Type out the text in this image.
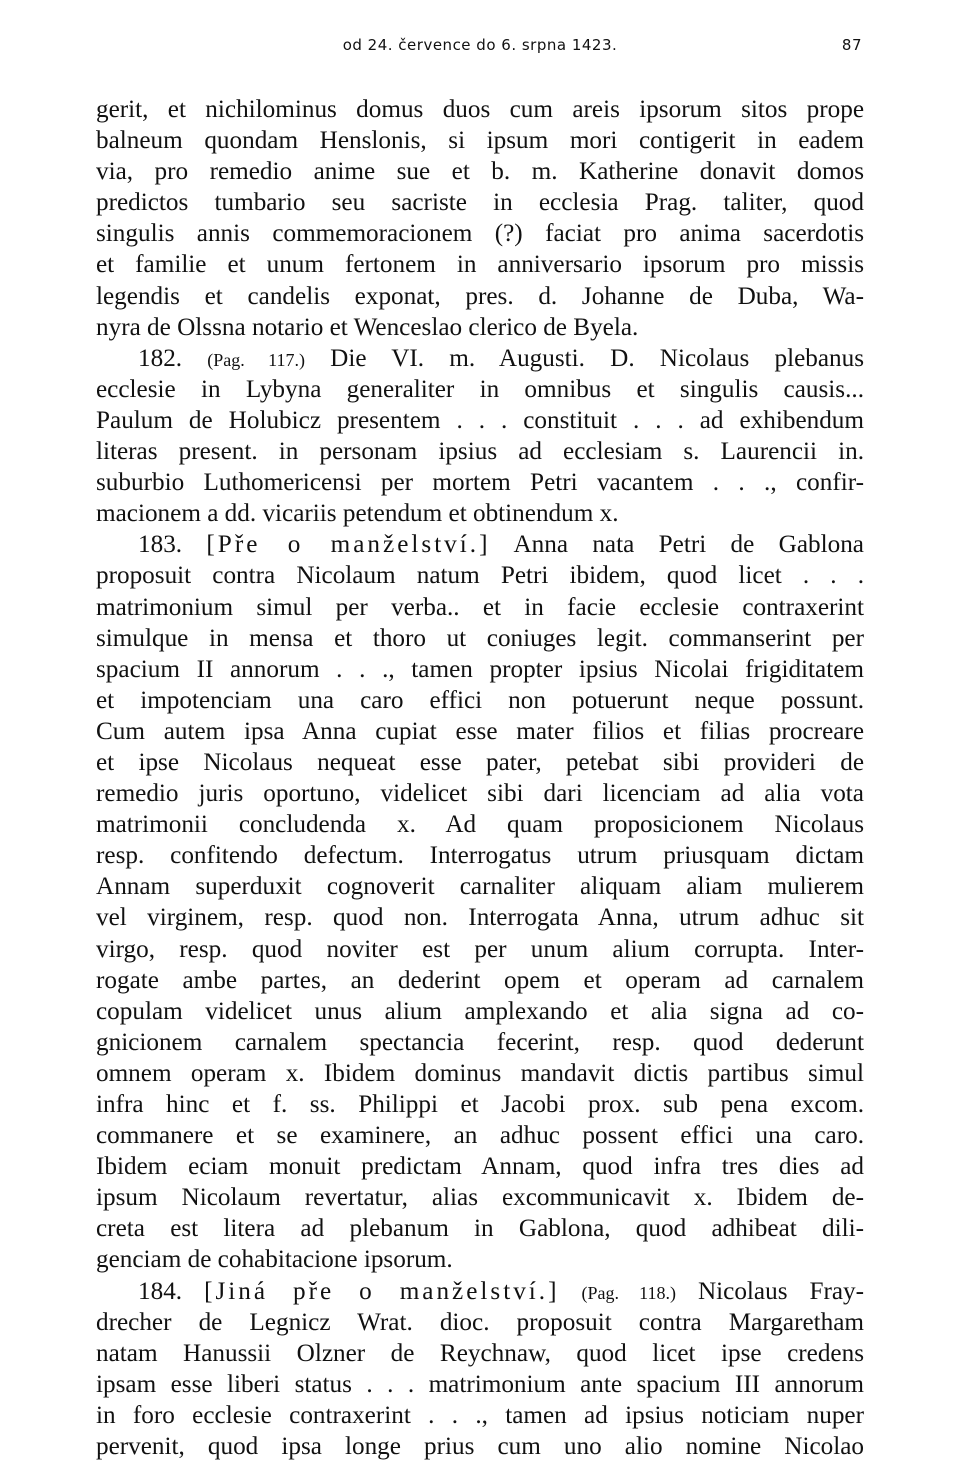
od 24. července do 6. srpna 1423.	87
gerit, et nichilominus domus duos cum areis ipsorum sitos prope
balneum quondam Henslonis, si ipsum mori contigerit in eadem
via, pro remedio anime sue et b. m. Katherine donavit domos
predictos tumbario seu sacriste in ecclesia Prag. taliter, quod
singulis annis commemoracionem (?) faciat pro anima sacerdotis
et familie et unum fertonem in anniversario ipsorum pro missis
legendis et candelis exponat, pres. d. Johanne de Duba, Wa-
nyra de Olssna notario et Wenceslao clerico de Byela.
182. (Pag. 117.) Die VI. m. Augusti. D. Nicolaus plebanus
ecclesie in Lybyna generaliter in omnibus et singulis causis...
Paulum de Holubicz presentem . . . constituit . . . ad exhibendum
literas present. in personam ipsius ad ecclesiam s. Laurencii in.
suburbio Luthomericensi per mortem Petri vacantem . . ., confir-
macionem a dd. vicariis petendum et obtinendum x.
183. [Pře o manželství.] Anna nata Petri de Gablona
proposuit contra Nicolaum natum Petri ibidem, quod licet . . .
matrimonium simul per verba.. et in facie ecclesie contraxerint
simulque in mensa et thoro ut coniuges legit. commanserint per
spacium II annorum . . ., tamen propter ipsius Nicolai frigiditatem
et impotenciam una caro effici non potuerunt neque possunt.
Cum autem ipsa Anna cupiat esse mater filios et filias procreare
et ipse Nicolaus nequeat esse pater, petebat sibi provideri de
remedio juris oportuno, videlicet sibi dari licenciam ad alia vota
matrimonii concludenda x. Ad quam proposicionem Nicolaus
resp. confitendo defectum. Interrogatus utrum priusquam dictam
Annam superduxit cognoverit carnaliter aliquam aliam mulierem
vel virginem, resp. quod non. Interrogata Anna, utrum adhuc sit
virgo, resp. quod noviter est per unum alium corrupta. Inter-
rogate ambe partes, an dederint opem et operam ad carnalem
copulam videlicet unus alium amplexando et alia signa ad co-
gnicionem carnalem spectancia fecerint, resp. quod dederunt
omnem operam x. Ibidem dominus mandavit dictis partibus simul
infra hinc et f. ss. Philippi et Jacobi prox. sub pena excom.
commanere et se examinere, an adhuc possent effici una caro.
Ibidem eciam monuit predictam Annam, quod infra tres dies ad
ipsum Nicolaum revertatur, alias excommunicavit x. Ibidem de-
creta est litera ad plebanum in Gablona, quod adhibeat dili-
genciam de cohabitacione ipsorum.
184. [Jiná pře o manželství.] (Pag. 118.) Nicolaus Fray-
drecher de Legnicz Wrat. dioc. proposuit contra Margaretham
natam Hanussii Olzner de Reychnaw, quod licet ipse credens
ipsam esse liberi status . . . matrimonium ante spacium III annorum
in foro ecclesie contraxerint . . ., tamen ad ipsius noticiam nuper
pervenit, quod ipsa longe prius cum uno alio nomine Nicolao
